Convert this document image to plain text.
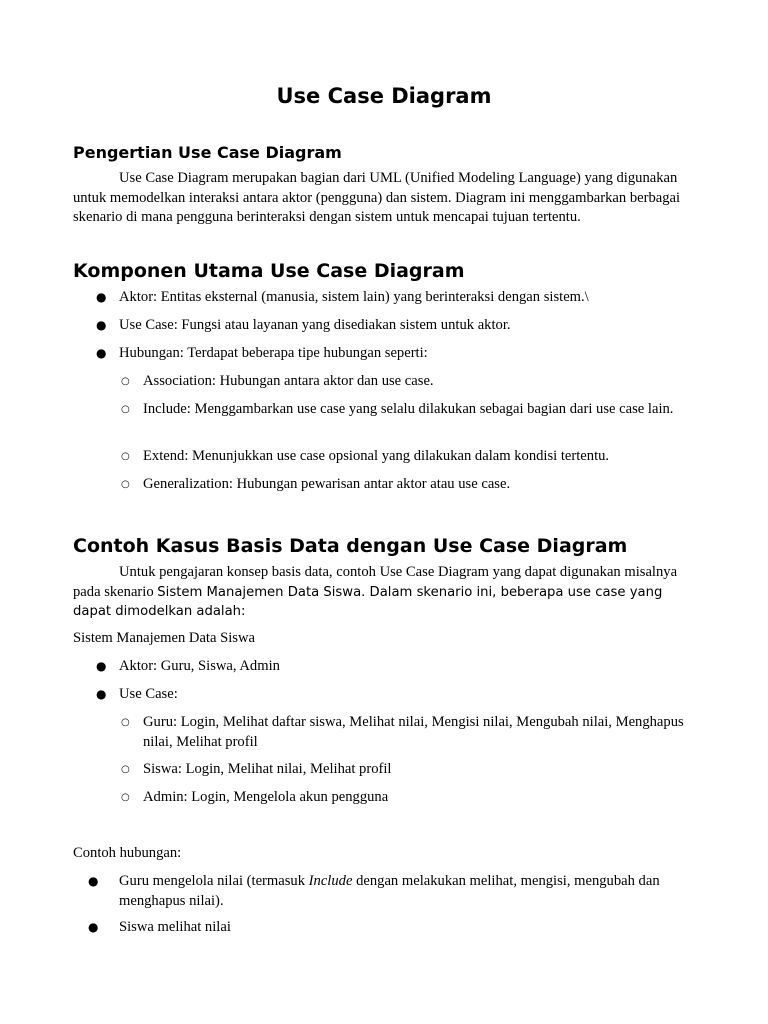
Use Case Diagram
Pengertian Use Case Diagram

Use Case Diagram merupakan bagian dari UML (Unified Modeling Language) yang digunakan untuk memodelkan interaksi antara aktor (pengguna) dan sistem. Diagram ini menggambarkan berbagai skenario di mana pengguna berinteraksi dengan sistem untuk mencapai tujuan tertentu.

Komponen Utama Use Case Diagram
● Aktor: Entitas eksternal (manusia, sistem lain) yang berinteraksi dengan sistem.\

● Use Case: Fungsi atau layanan yang disediakan sistem untuk aktor.

● Hubungan: Terdapat beberapa tipe hubungan seperti:

○ Association: Hubungan antara aktor dan use case.

○ Include: Menggambarkan use case yang selalu dilakukan sebagai bagian dari use case lain.

○ Extend: Menunjukkan use case opsional yang dilakukan dalam kondisi tertentu.

○ Generalization: Hubungan pewarisan antar aktor atau use case.

Contoh Kasus Basis Data dengan Use Case Diagram

Untuk pengajaran konsep basis data, contoh Use Case Diagram yang dapat digunakan misalnya pada skenario Sistem Manajemen Data Siswa. Dalam skenario ini, beberapa use case yang dapat dimodelkan adalah:

Sistem Manajemen Data Siswa

● Aktor: Guru, Siswa, Admin

● Use Case:

○ Guru: Login, Melihat daftar siswa, Melihat nilai, Mengisi nilai, Mengubah nilai, Menghapus nilai, Melihat profil

○ Siswa: Login, Melihat nilai, Melihat profil

○ Admin: Login, Mengelola akun pengguna

Contoh hubungan:

● Guru mengelola nilai (termasuk Include dengan melakukan melihat, mengisi, mengubah dan menghapus nilai).

● Siswa melihat nilai
